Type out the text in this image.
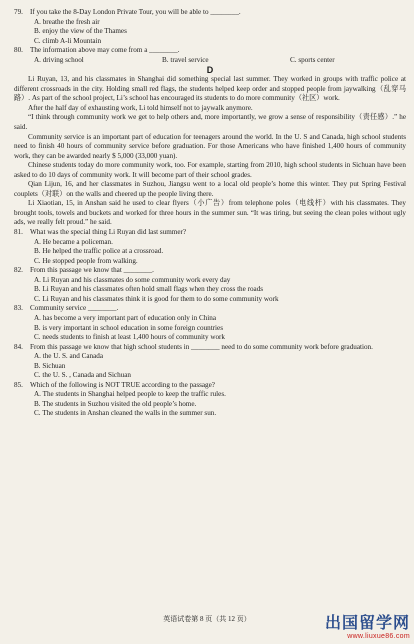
79. If you take the 8-Day London Private Tour, you will be able to ________.
A. breathe the fresh air
B. enjoy the view of the Thames
C. climb A-li Mountain
80. The information above may come from a ________.
A. driving school	B. travel service	C. sports center
D
Li Ruyan, 13, and his classmates in Shanghai did something special last summer. They worked in groups with traffic police at different crossroads in the city. Holding small red flags, the students helped keep order and stopped people from jaywalking（乱穿马路）. As part of the school project, Li’s school has encouraged its students to do more community（社区）work.
After the half day of exhausting work, Li told himself not to jaywalk anymore.
“I think through community work we get to help others and, more importantly, we grow a sense of responsibility（责任感）.” he said.
Community service is an important part of education for teenagers around the world. In the U. S and Canada, high school students need to finish 40 hours of community service before graduation. For those Americans who have finished 1,400 hours of community work, they can be awarded nearly $ 5,000 (33,000 yuan).
Chinese students today do more community work, too. For example, starting from 2010, high school students in Sichuan have been asked to do 10 days of community work. It will become part of their school grades.
Qian Lijun, 16, and her classmates in Suzhou, Jiangsu went to a local old people’s home this winter. They put Spring Festival couplets（对联）on the walls and cheered up the people living there.
Li Xiaotian, 15, in Anshan said he used to clear flyers（小广告）from telephone poles（电线杆）with his classmates. They brought tools, towels and buckets and worked for three hours in the summer sun. “It was tiring, but seeing the clean poles without ugly ads, we really felt proud.” he said.
81. What was the special thing Li Ruyan did last summer?
A. He became a policeman.
B. He helped the traffic police at a crossroad.
C. He stopped people from walking.
82. From this passage we know that ________.
A. Li Ruyan and his classmates do some community work every day
B. Li Ruyan and his classmates often hold small flags when they cross the roads
C. Li Ruyan and his classmates think it is good for them to do some community work
83. Community service ________.
A. has become a very important part of education only in China
B. is very important in school education in some foreign countries
C. needs students to finish at least 1,400 hours of community work
84. From this passage we know that high school students in ________ need to do some community work before graduation.
A. the U. S. and Canada
B. Sichuan
C. the U. S. , Canada and Sichuan
85. Which of the following is NOT TRUE according to the passage?
A. The students in Shanghai helped people to keep the traffic rules.
B. The students in Suzhou visited the old people’s home.
C. The students in Anshan cleaned the walls in the summer sun.
英语试卷第 8 页（共 12 页）	出国留学网
www.liuxue86.com
